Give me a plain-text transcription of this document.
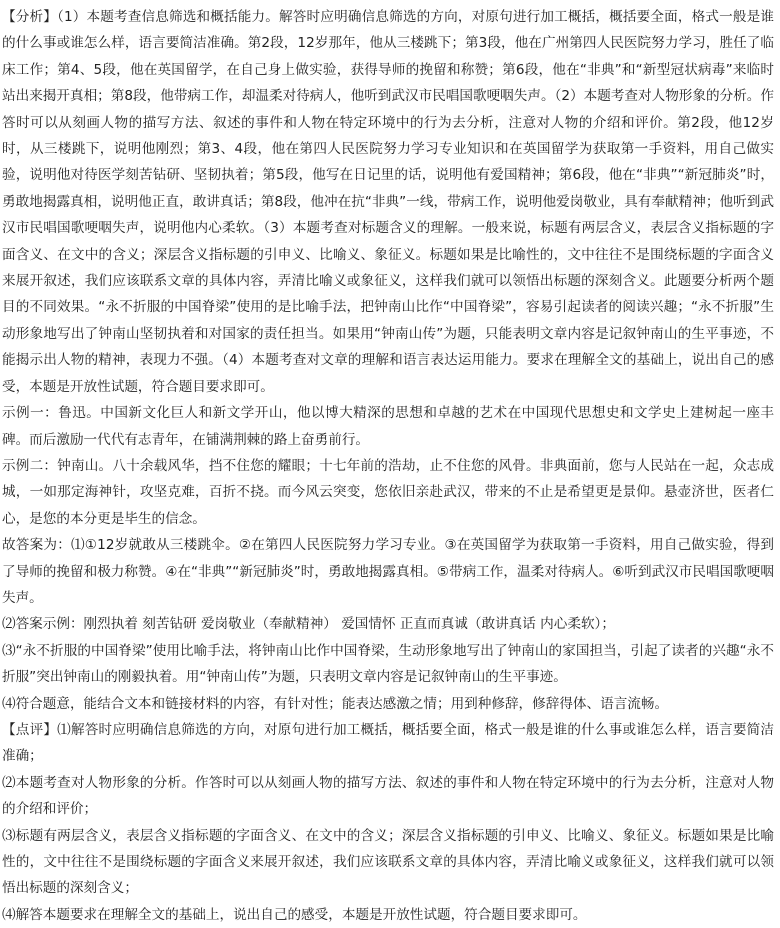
【分析】（1）本题考查信息筛选和概括能力。解答时应明确信息筛选的方向，对原句进行加工概括，概括要全面，格式一般是谁的什么事或谁怎么样，语言要简洁准确。第2段，12岁那年，他从三楼跳下；第3段，他在广州第四人民医院努力学习，胜任了临床工作；第4、5段，他在英国留学，在自己身上做实验，获得导师的挽留和称赞；第6段，他在“非典”和“新型冠状病毒”来临时站出来揭开真相；第8段，他带病工作，却温柔对待病人，他听到武汉市民唱国歌哽咽失声。（2）本题考查对人物形象的分析。作答时可以从刻画人物的描写方法、叙述的事件和人物在特定环境中的行为去分析，注意对人物的介绍和评价。第2段，他12岁时，从三楼跳下，说明他刚烈；第3、4段，他在第四人民医院努力学习专业知识和在英国留学为获取第一手资料，用自己做实验，说明他对待医学刻苦钻研、坚韧执着；第5段，他写在日记里的话，说明他有爱国精神；第6段，他在“非典”“新冠肺炎”时，勇敢地揭露真相，说明他正直，敢讲真话；第8段，他冲在抗“非典”一线，带病工作，说明他爱岗敬业，具有奉献精神；他听到武汉市民唱国歌哽咽失声，说明他内心柔软。（3）本题考查对标题含义的理解。一般来说，标题有两层含义，表层含义指标题的字面含义、在文中的含义；深层含义指标题的引申义、比喻义、象征义。标题如果是比喻性的，文中往往不是围绕标题的字面含义来展开叙述，我们应该联系文章的具体内容，弄清比喻义或象征义，这样我们就可以领悟出标题的深刻含义。此题要分析两个题目的不同效果。“永不折服的中国脊梁”使用的是比喻手法，把钟南山比作“中国脊梁”，容易引起读者的阅读兴趣；“永不折服”生动形象地写出了钟南山坚韧执着和对国家的责任担当。如果用“钟南山传”为题，只能表明文章内容是记叙钟南山的生平事迹，不能揭示出人物的精神，表现力不强。（4）本题考查对文章的理解和语言表达运用能力。要求在理解全文的基础上，说出自己的感受，本题是开放性试题，符合题目要求即可。

示例一：鲁迅。中国新文化巨人和新文学开山，他以博大精深的思想和卓越的艺术在中国现代思想史和文学史上建树起一座丰碑。而后激励一代代有志青年，在铺满荆棘的路上奋勇前行。

示例二：钟南山。八十余载风华，挡不住您的耀眼；十七年前的浩劫，止不住您的风骨。非典面前，您与人民站在一起，众志成城，一如那定海神针，攻坚克难，百折不挠。而今风云突变，您依旧亲赴武汉，带来的不止是希望更是景仰。悬壶济世，医者仁心，是您的本分更是毕生的信念。

故答案为：⑴①12岁就敢从三楼跳伞。②在第四人民医院努力学习专业。③在英国留学为获取第一手资料，用自己做实验，得到了导师的挽留和极力称赞。④在“非典”“新冠肺炎”时，勇敢地揭露真相。⑤带病工作，温柔对待病人。⑥听到武汉市民唱国歌哽咽失声。

⑵答案示例：刚烈执着 刻苦钻研 爱岗敬业（奉献精神） 爱国情怀 正直而真诚（敢讲真话 内心柔软）；

⑶“永不折服的中国脊梁”使用比喻手法，将钟南山比作中国脊梁，生动形象地写出了钟南山的家国担当，引起了读者的兴趣“永不折服”突出钟南山的刚毅执着。用“钟南山传”为题，只表明文章内容是记叙钟南山的生平事迹。

⑷符合题意，能结合文本和链接材料的内容，有针对性；能表达感激之情；用到种修辞，修辞得体、语言流畅。

【点评】⑴解答时应明确信息筛选的方向，对原句进行加工概括，概括要全面，格式一般是谁的什么事或谁怎么样，语言要简洁准确；

⑵本题考查对人物形象的分析。作答时可以从刻画人物的描写方法、叙述的事件和人物在特定环境中的行为去分析，注意对人物的介绍和评价；

⑶标题有两层含义，表层含义指标题的字面含义、在文中的含义；深层含义指标题的引申义、比喻义、象征义。标题如果是比喻性的，文中往往不是围绕标题的字面含义来展开叙述，我们应该联系文章的具体内容，弄清比喻义或象征义，这样我们就可以领悟出标题的深刻含义；

⑷解答本题要求在理解全文的基础上，说出自己的感受，本题是开放性试题，符合题目要求即可。
